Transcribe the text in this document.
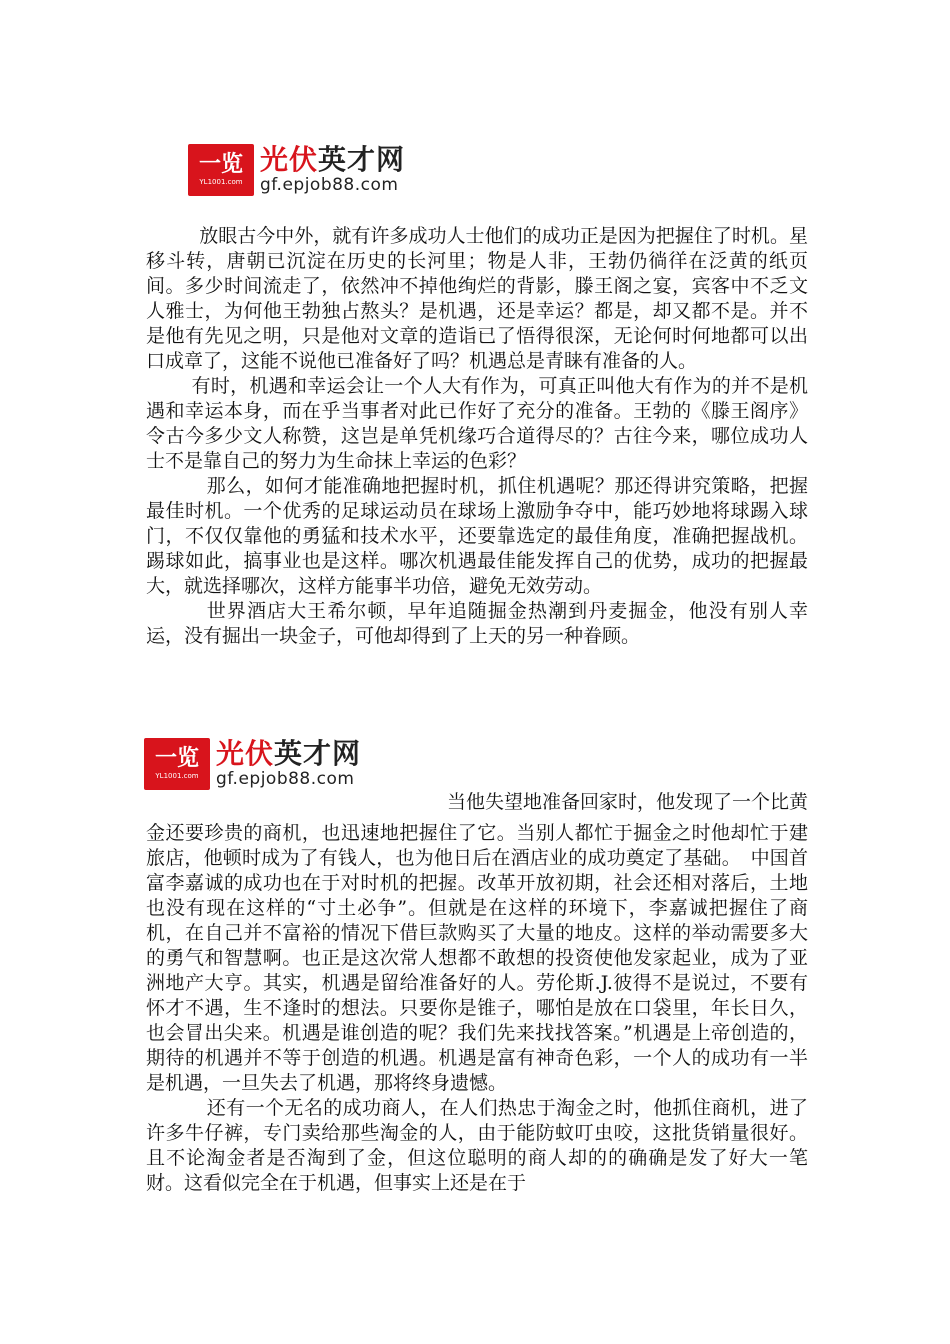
一览
YL1001.com
光伏英才网
gf.epjob88.com

放眼古今中外，就有许多成功人士他们的成功正是因为把握住了时机。星移斗转，唐朝已沉淀在历史的长河里；物是人非，王勃仍徜徉在泛黄的纸页间。多少时间流走了，依然冲不掉他绚烂的背影，滕王阁之宴，宾客中不乏文人雅士，为何他王勃独占熬头？是机遇，还是幸运？都是，却又都不是。并不是他有先见之明，只是他对文章的造诣已了悟得很深，无论何时何地都可以出口成章了，这能不说他已准备好了吗？机遇总是青睐有准备的人。

有时，机遇和幸运会让一个人大有作为，可真正叫他大有作为的并不是机遇和幸运本身，而在乎当事者对此已作好了充分的准备。王勃的《滕王阁序》令古今多少文人称赞，这岂是单凭机缘巧合道得尽的？古往今来，哪位成功人士不是靠自己的努力为生命抹上幸运的色彩？

那么，如何才能准确地把握时机，抓住机遇呢？那还得讲究策略，把握最佳时机。一个优秀的足球运动员在球场上激励争夺中，能巧妙地将球踢入球门，不仅仅靠他的勇猛和技术水平，还要靠选定的最佳角度，准确把握战机。踢球如此，搞事业也是这样。哪次机遇最佳能发挥自己的优势，成功的把握最大，就选择哪次，这样方能事半功倍，避免无效劳动。

世界酒店大王希尔顿，早年追随掘金热潮到丹麦掘金，他没有别人幸运，没有掘出一块金子，可他却得到了上天的另一种眷顾。

一览
YL1001.com
光伏英才网
gf.epjob88.com

当他失望地准备回家时，他发现了一个比黄

金还要珍贵的商机，也迅速地把握住了它。当别人都忙于掘金之时他却忙于建旅店，他顿时成为了有钱人，也为他日后在酒店业的成功奠定了基础。　中国首富李嘉诚的成功也在于对时机的把握。改革开放初期，社会还相对落后，土地也没有现在这样的“寸土必争”。但就是在这样的环境下，李嘉诚把握住了商机，在自己并不富裕的情况下借巨款购买了大量的地皮。这样的举动需要多大的勇气和智慧啊。也正是这次常人想都不敢想的投资使他发家起业，成为了亚洲地产大亨。其实，机遇是留给准备好的人。劳伦斯.J.彼得不是说过，不要有怀才不遇，生不逢时的想法。只要你是锥子，哪怕是放在口袋里，年长日久，也会冒出尖来。机遇是谁创造的呢？我们先来找找答案。”机遇是上帝创造的，期待的机遇并不等于创造的机遇。机遇是富有神奇色彩，一个人的成功有一半是机遇，一旦失去了机遇，那将终身遗憾。

还有一个无名的成功商人，在人们热忠于淘金之时，他抓住商机，进了许多牛仔裤，专门卖给那些淘金的人，由于能防蚊叮虫咬，这批货销量很好。且不论淘金者是否淘到了金，但这位聪明的商人却的的确确是发了好大一笔财。这看似完全在于机遇，但事实上还是在于
